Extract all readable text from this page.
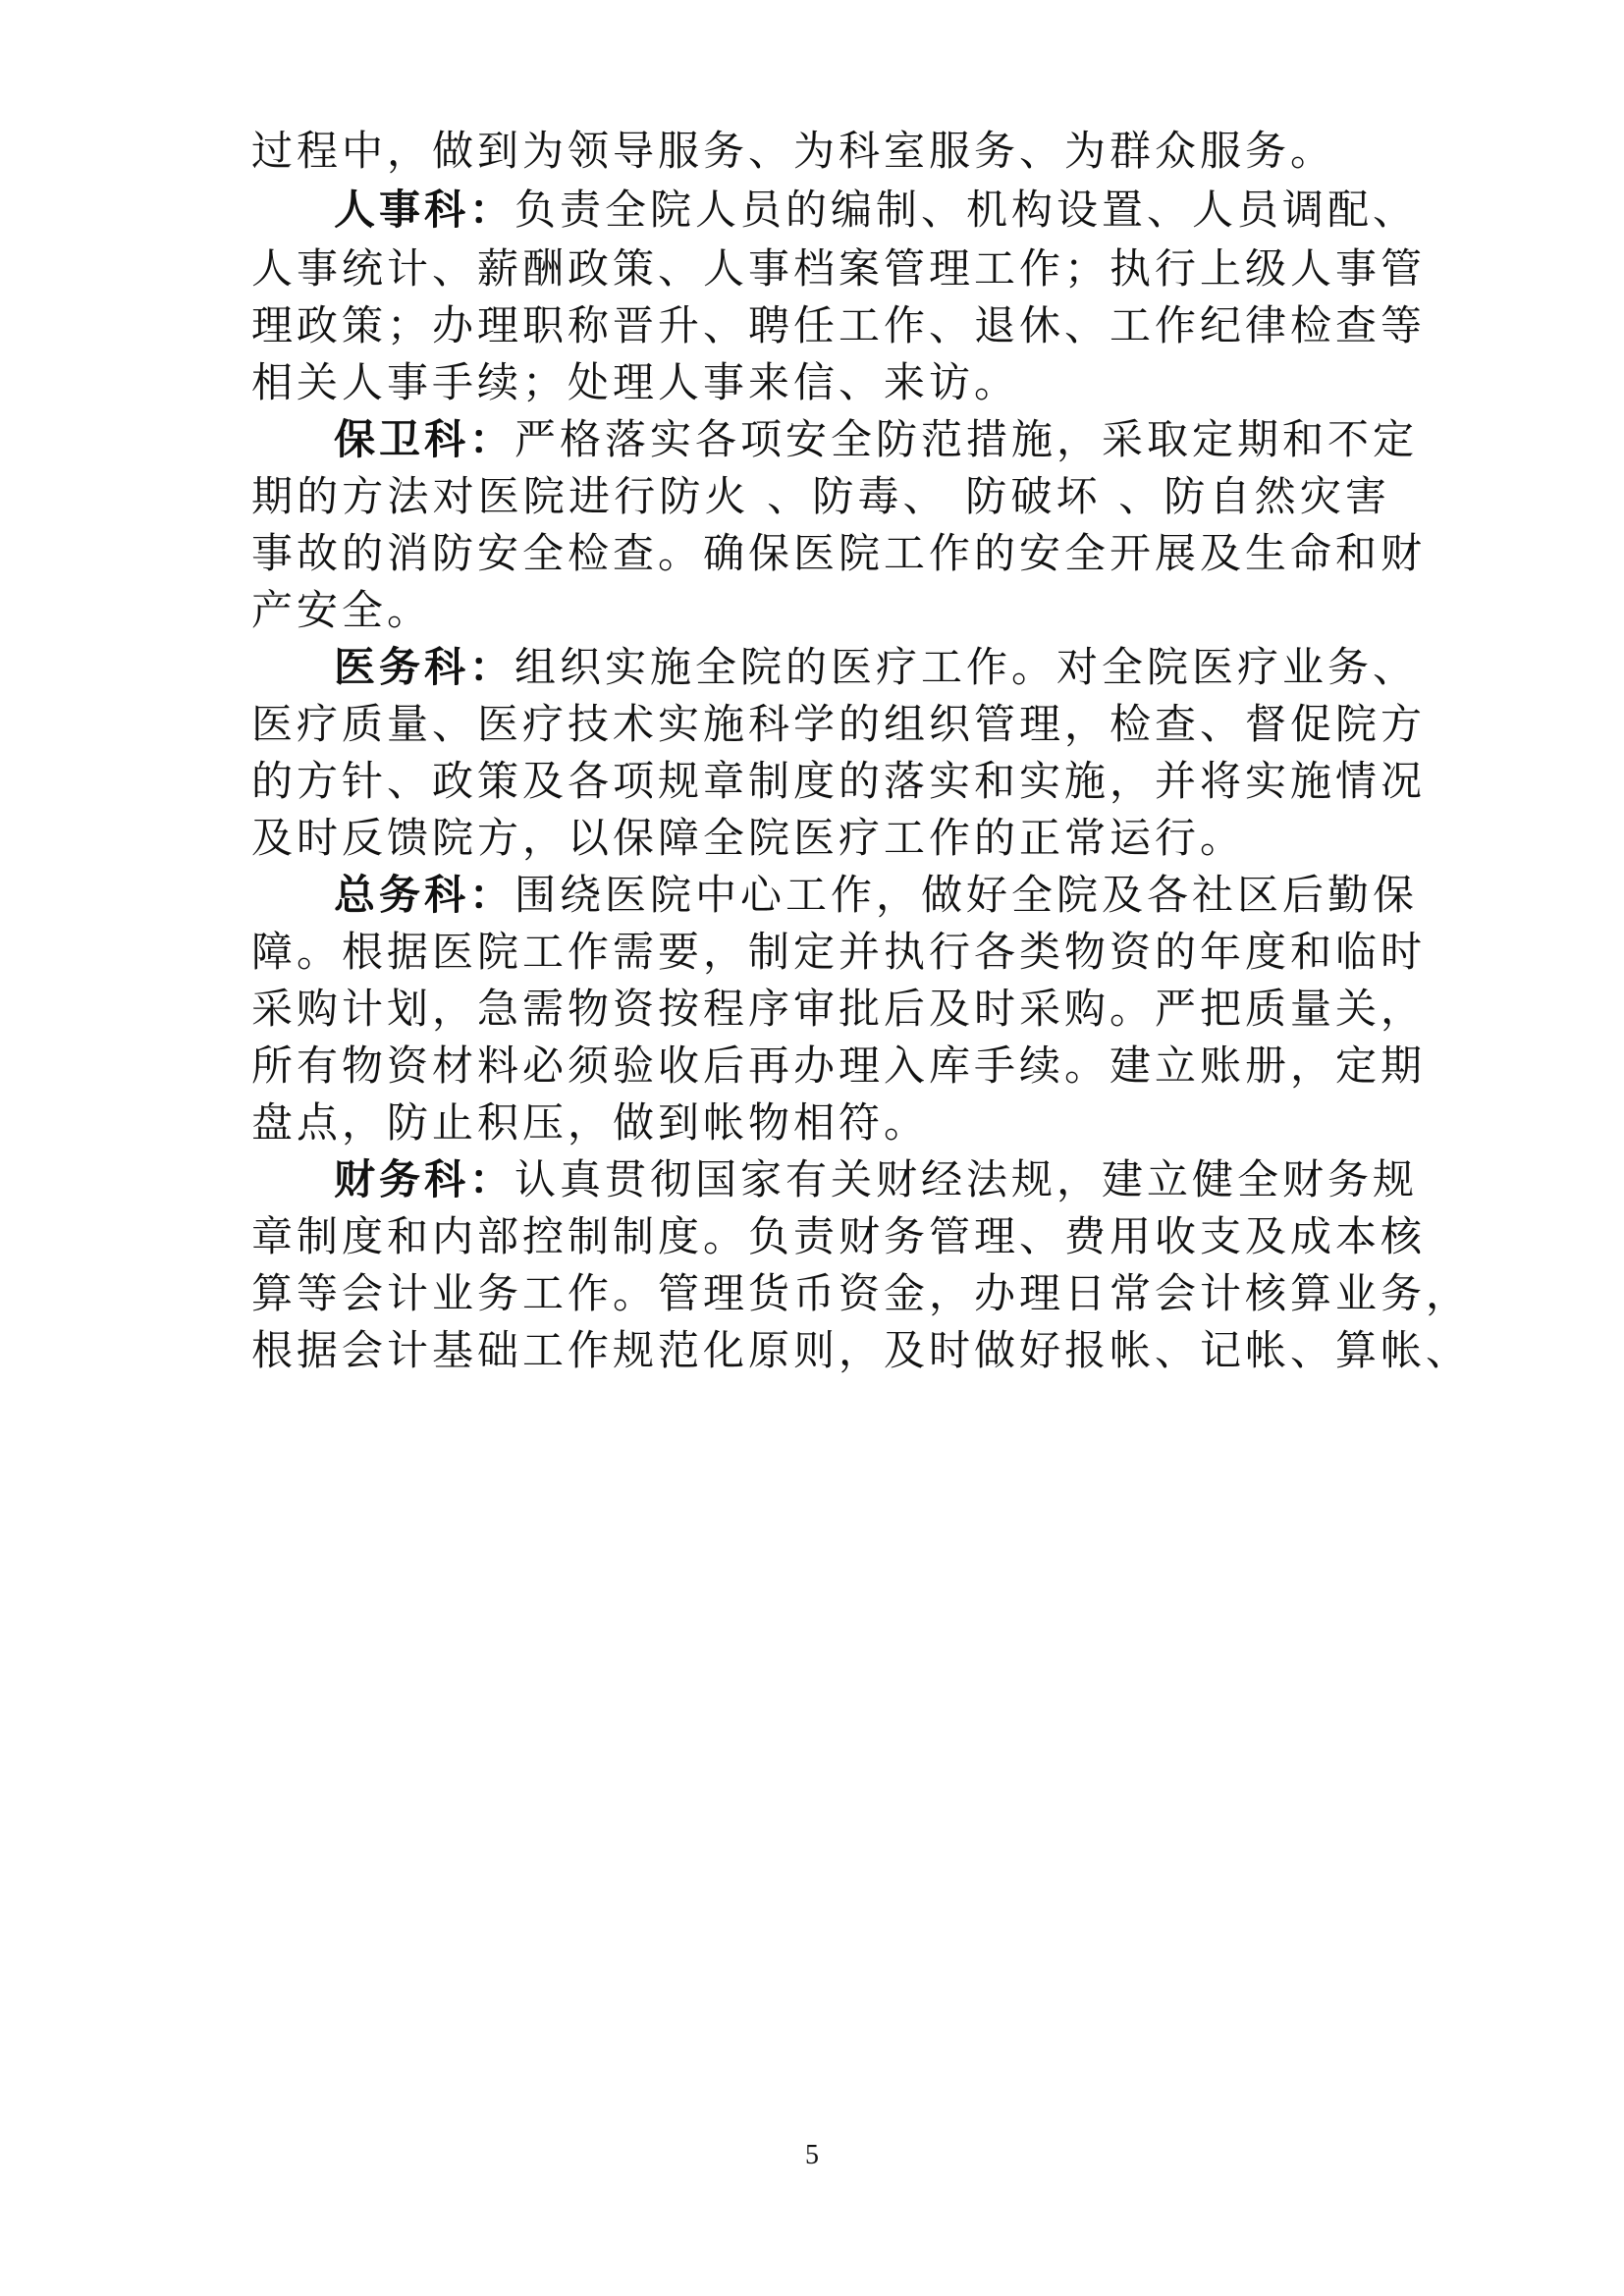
过程中，做到为领导服务、为科室服务、为群众服务。
人事科：负责全院人员的编制、机构设置、人员调配、
人事统计、薪酬政策、人事档案管理工作；执行上级人事管
理政策；办理职称晋升、聘任工作、退休、工作纪律检查等
相关人事手续；处理人事来信、来访。
保卫科：严格落实各项安全防范措施，采取定期和不定
期的方法对医院进行防火 、防毒、 防破坏 、防自然灾害
事故的消防安全检查。确保医院工作的安全开展及生命和财
产安全。
医务科：组织实施全院的医疗工作。对全院医疗业务、
医疗质量、医疗技术实施科学的组织管理，检查、督促院方
的方针、政策及各项规章制度的落实和实施，并将实施情况
及时反馈院方，以保障全院医疗工作的正常运行。
总务科：围绕医院中心工作，做好全院及各社区后勤保
障。根据医院工作需要，制定并执行各类物资的年度和临时
采购计划，急需物资按程序审批后及时采购。严把质量关，
所有物资材料必须验收后再办理入库手续。建立账册，定期
盘点，防止积压，做到帐物相符。
财务科：认真贯彻国家有关财经法规，建立健全财务规
章制度和内部控制制度。负责财务管理、费用收支及成本核
算等会计业务工作。管理货币资金，办理日常会计核算业务，
根据会计基础工作规范化原则，及时做好报帐、记帐、算帐、
5
